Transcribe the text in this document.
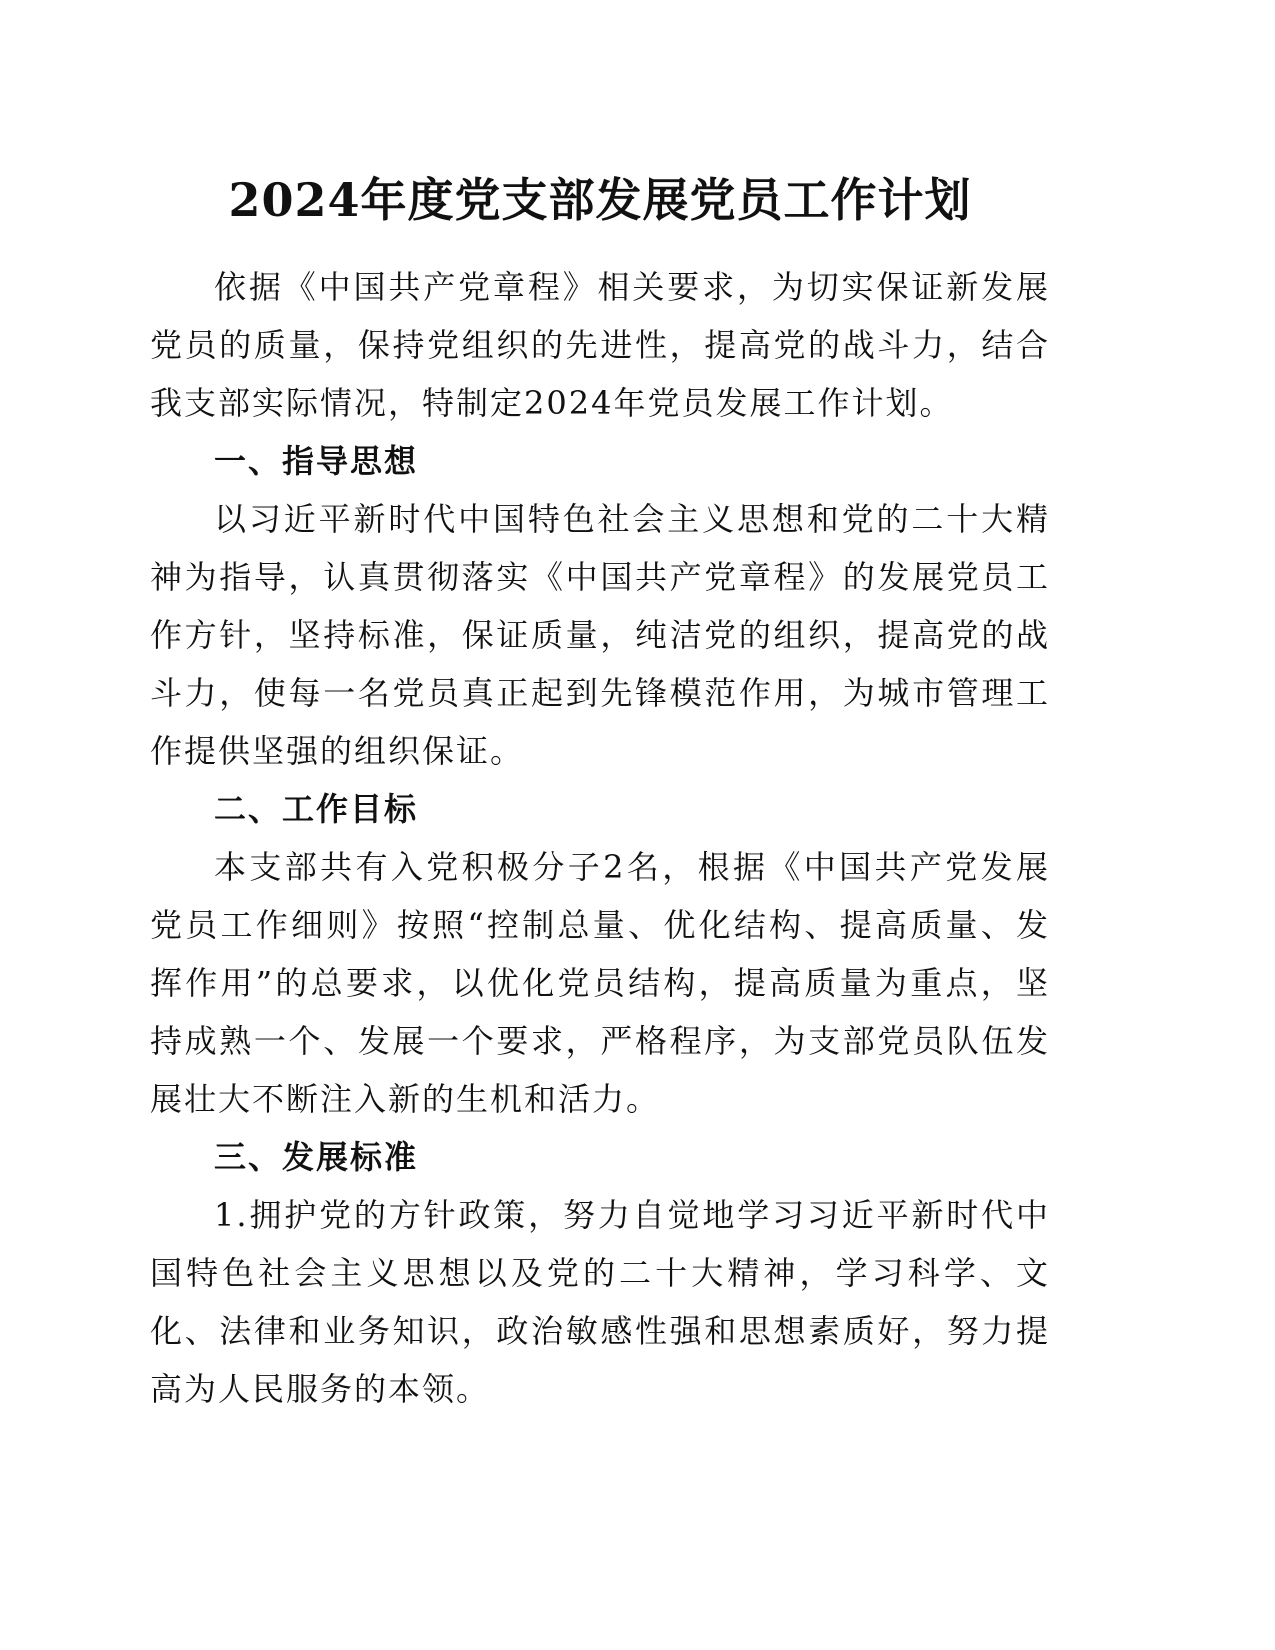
2024年度党支部发展党员工作计划

依据《中国共产党章程》相关要求，为切实保证新发展党员的质量，保持党组织的先进性，提高党的战斗力，结合我支部实际情况，特制定2024年党员发展工作计划。

一、指导思想

以习近平新时代中国特色社会主义思想和党的二十大精神为指导，认真贯彻落实《中国共产党章程》的发展党员工作方针，坚持标准，保证质量，纯洁党的组织，提高党的战斗力，使每一名党员真正起到先锋模范作用，为城市管理工作提供坚强的组织保证。

二、工作目标

本支部共有入党积极分子2名，根据《中国共产党发展党员工作细则》按照“控制总量、优化结构、提高质量、发挥作用”的总要求，以优化党员结构，提高质量为重点，坚持成熟一个、发展一个要求，严格程序，为支部党员队伍发展壮大不断注入新的生机和活力。

三、发展标准

1.拥护党的方针政策，努力自觉地学习习近平新时代中国特色社会主义思想以及党的二十大精神，学习科学、文化、法律和业务知识，政治敏感性强和思想素质好，努力提高为人民服务的本领。
